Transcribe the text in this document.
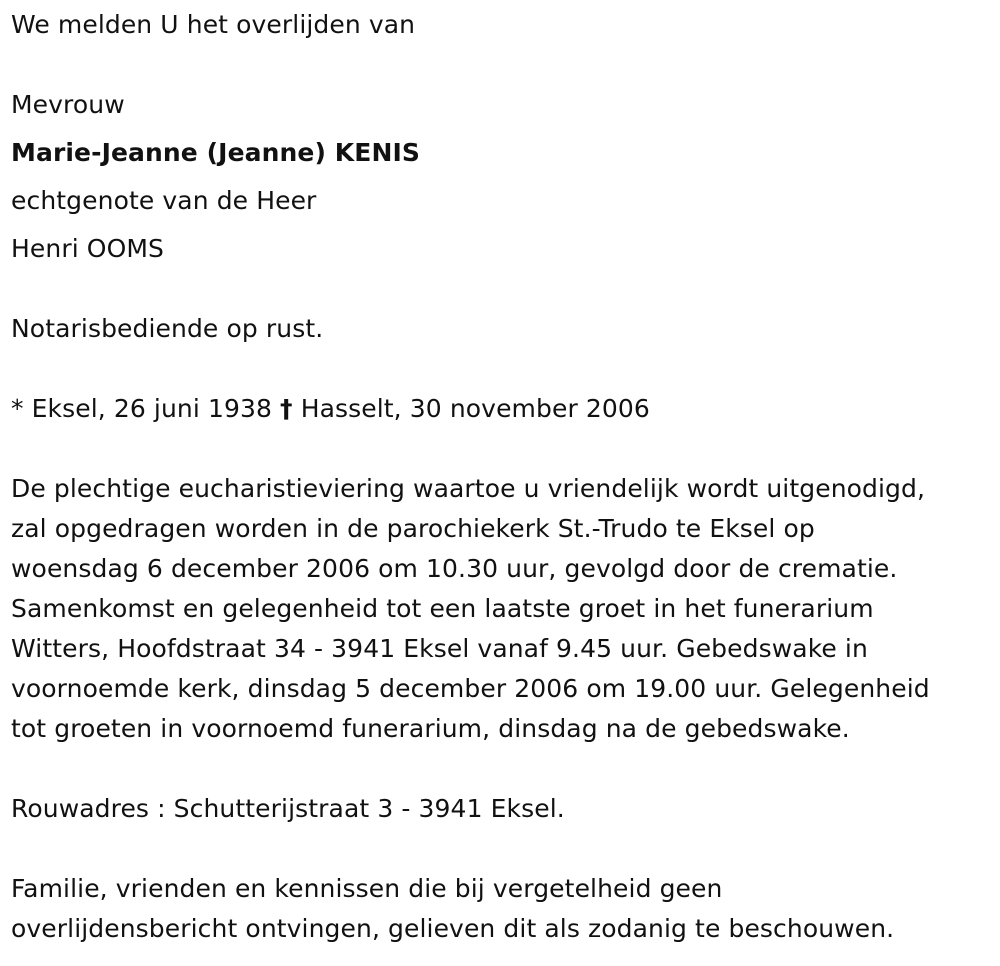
We melden U het overlijden van
Mevrouw
Marie-Jeanne (Jeanne) KENIS
echtgenote van de Heer
Henri OOMS
Notarisbediende op rust.
* Eksel, 26 juni 1938 † Hasselt, 30 november 2006
De plechtige eucharistieviering waartoe u vriendelijk wordt uitgenodigd,
zal opgedragen worden in de parochiekerk St.-Trudo te Eksel op
woensdag 6 december 2006 om 10.30 uur, gevolgd door de crematie.
Samenkomst en gelegenheid tot een laatste groet in het funerarium
Witters, Hoofdstraat 34 - 3941 Eksel vanaf 9.45 uur. Gebedswake in
voornoemde kerk, dinsdag 5 december 2006 om 19.00 uur. Gelegenheid
tot groeten in voornoemd funerarium, dinsdag na de gebedswake.
Rouwadres : Schutterijstraat 3 - 3941 Eksel.
Familie, vrienden en kennissen die bij vergetelheid geen
overlijdensbericht ontvingen, gelieven dit als zodanig te beschouwen.
